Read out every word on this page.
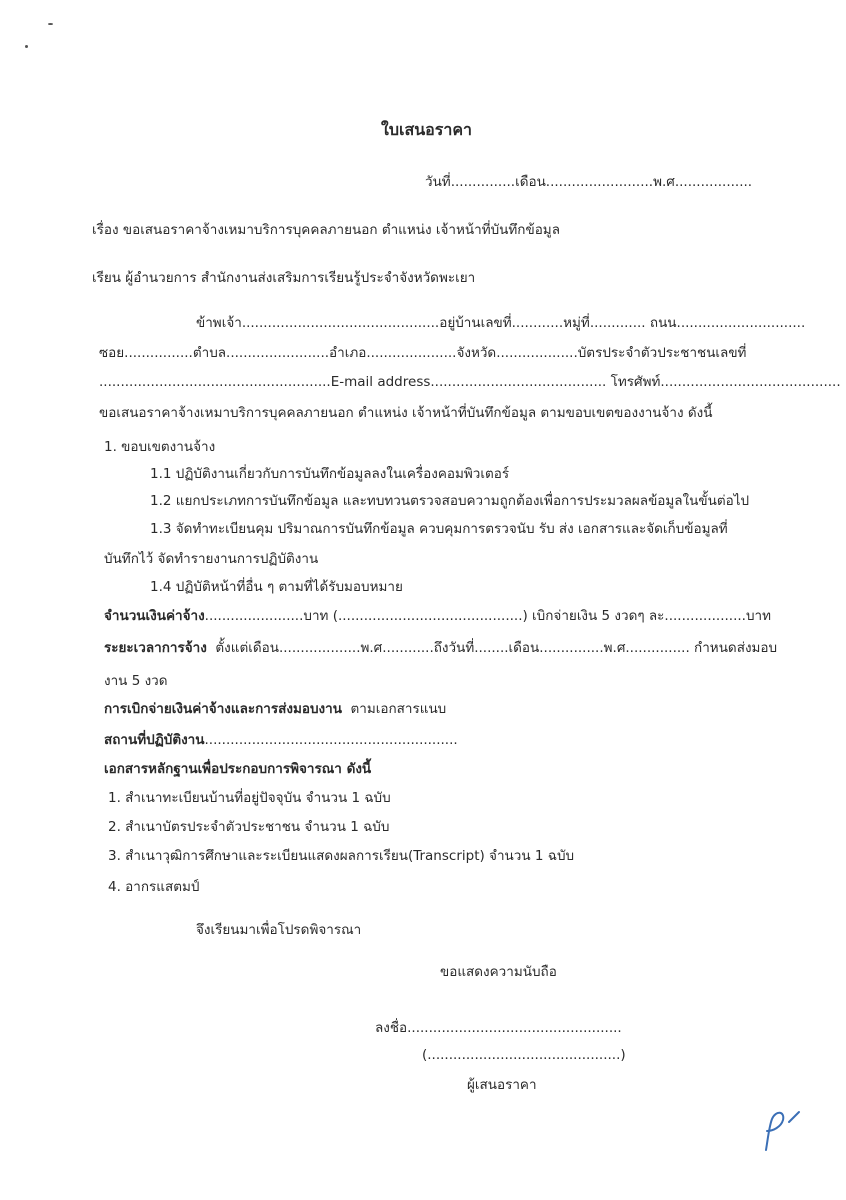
ใบเสนอราคา
วันที่...............เดือน.........................พ.ศ..................
เรื่อง ขอเสนอราคาจ้างเหมาบริการบุคคลภายนอก ตำแหน่ง เจ้าหน้าที่บันทึกข้อมูล
เรียน ผู้อำนวยการ สำนักงานส่งเสริมการเรียนรู้ประจำจังหวัดพะเยา
ข้าพเจ้า..............................................อยู่บ้านเลขที่............หมู่ที่............. ถนน..............................
ซอย................ตำบล........................อำเภอ.....................จังหวัด...................บัตรประจำตัวประชาชนเลขที่
......................................................E-mail address......................................... โทรศัพท์..........................................
ขอเสนอราคาจ้างเหมาบริการบุคคลภายนอก ตำแหน่ง เจ้าหน้าที่บันทึกข้อมูล ตามขอบเขตของงานจ้าง ดังนี้
1. ขอบเขตงานจ้าง
1.1 ปฏิบัติงานเกี่ยวกับการบันทึกข้อมูลลงในเครื่องคอมพิวเตอร์
1.2 แยกประเภทการบันทึกข้อมูล และทบทวนตรวจสอบความถูกต้องเพื่อการประมวลผลข้อมูลในขั้นต่อไป
1.3 จัดทำทะเบียนคุม ปริมาณการบันทึกข้อมูล ควบคุมการตรวจนับ รับ ส่ง เอกสารและจัดเก็บข้อมูลที่
บันทึกไว้ จัดทำรายงานการปฏิบัติงาน
1.4 ปฏิบัติหน้าที่อื่น ๆ ตามที่ได้รับมอบหมาย
จำนวนเงินค่าจ้าง.......................บาท (...........................................) เบิกจ่ายเงิน 5 งวดๆ ละ...................บาท
ระยะเวลาการจ้าง ตั้งแต่เดือน...................พ.ศ............ถึงวันที่........เดือน...............พ.ศ............... กำหนดส่งมอบ
งาน 5 งวด
การเบิกจ่ายเงินค่าจ้างและการส่งมอบงาน ตามเอกสารแนบ
สถานที่ปฏิบัติงาน...........................................................
เอกสารหลักฐานเพื่อประกอบการพิจารณา ดังนี้
1. สำเนาทะเบียนบ้านที่อยู่ปัจจุบัน จำนวน 1 ฉบับ
2. สำเนาบัตรประจำตัวประชาชน จำนวน 1 ฉบับ
3. สำเนาวุฒิการศึกษาและระเบียนแสดงผลการเรียน(Transcript) จำนวน 1 ฉบับ
4. อากรแสตมป์
จึงเรียนมาเพื่อโปรดพิจารณา
ขอแสดงความนับถือ
ลงชื่อ..................................................
(.............................................)
ผู้เสนอราคา
